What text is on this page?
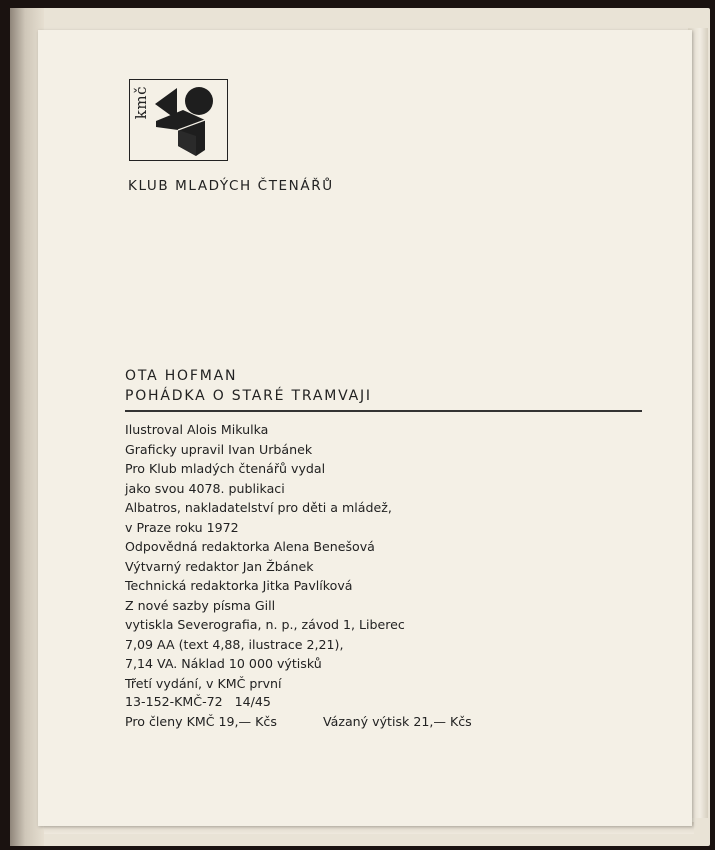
kmč
KLUB MLADÝCH ČTENÁŘŮ
OTA HOFMAN
POHÁDKA O STARÉ TRAMVAJI
Ilustroval Alois Mikulka
Graficky upravil Ivan Urbánek
Pro Klub mladých čtenářů vydal
jako svou 4078. publikaci
Albatros, nakladatelství pro děti a mládež,
v Praze roku 1972
Odpovědná redaktorka Alena Benešová
Výtvarný redaktor Jan Žbánek
Technická redaktorka Jitka Pavlíková
Z nové sazby písma Gill
vytiskla Severografia, n. p., závod 1, Liberec
7,09 AA (text 4,88, ilustrace 2,21),
7,14 VA. Náklad 10 000 výtisků
Třetí vydání, v KMČ první
13-152-KMČ-72   14/45
Pro členy KMČ 19,— Kčs	Vázaný výtisk 21,— Kčs
